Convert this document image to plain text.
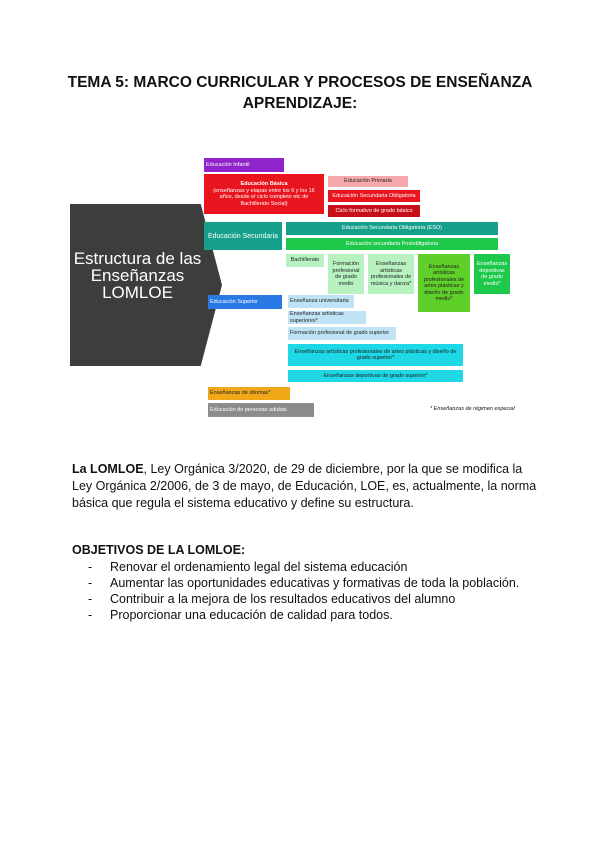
TEMA 5: MARCO CURRICULAR Y PROCESOS DE ENSEÑANZA APRENDIZAJE:
Estructura de las Enseñanzas LOMLOE
Educación Infantil
Educación Básica
(enseñanzas y etapas entre los 6 y los 16 años, desde el ciclo completo etc de Bachillerato Social)
Educación Primaria
Educación Secundaria Obligatoria
Ciclo formativo de grado básico
Educación Secundaria
Educación Secundaria Obligatoria (ESO)
Educación secundaria Postobligatoria
Bachillerato
Formación profesional de grado medio
Enseñanzas artísticas profesionales de música y danza*
Enseñanzas artísticas profesionales de artes plásticas y diseño de grado medio*
Enseñanzas deportivas de grado medio*
Educación Superior	Enseñanza universitaria
Enseñanzas artísticas superiores*
Formación profesional de grado superior
Enseñanzas artísticas profesionales de artes plásticas y diseño de grado superior*
Enseñanzas deportivas de grado superior*
Enseñanzas de idiomas*
Educación de personas adultas	* Enseñanzas de régimen especial
La LOMLOE, Ley Orgánica 3/2020, de 29 de diciembre, por la que se modifica la Ley Orgánica 2/2006, de 3 de mayo, de Educación, LOE, es, actualmente, la norma básica que regula el sistema educativo y define su estructura.
OBJETIVOS DE LA LOMLOE:
-	Renovar el ordenamiento legal del sistema educación
-	Aumentar las oportunidades educativas y formativas de toda la población.
-	Contribuir a la mejora de los resultados educativos del alumno
-	Proporcionar una educación de calidad para todos.
